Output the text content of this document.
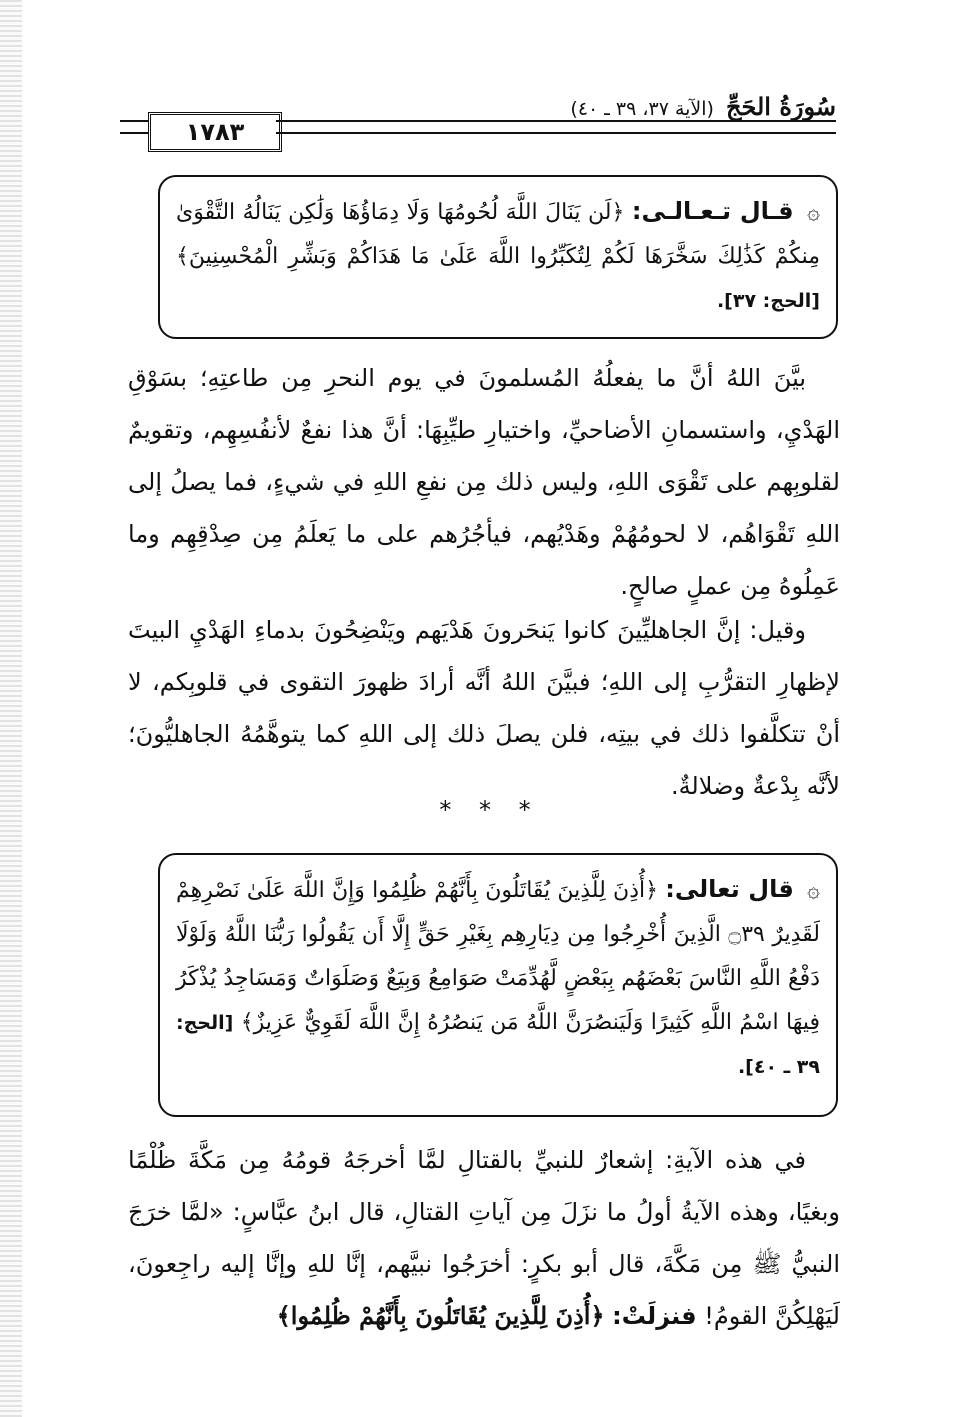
سُورَةُ الحَجِّ (الآية ٣٧، ٣٩ ـ ٤٠)
١٧٨٣
۞ قـال تـعـالـى: ﴿لَن يَنَالَ اللَّهَ لُحُومُهَا وَلَا دِمَاؤُهَا وَلَٰكِن يَنَالُهُ التَّقْوَىٰ مِنكُمْ كَذَٰلِكَ سَخَّرَهَا لَكُمْ لِتُكَبِّرُوا اللَّهَ عَلَىٰ مَا هَدَاكُمْ وَبَشِّرِ الْمُحْسِنِينَ﴾ [الحج: ٣٧].

بيَّنَ اللهُ أنَّ ما يفعلُهُ المُسلمونَ في يوم النحرِ مِن طاعتِهِ؛ بسَوْقِ الهَدْيِ، واستسمانِ الأضاحيِّ، واختيارِ طيِّبِهَا: أنَّ هذا نفعٌ لأنفُسِهِم، وتقويمٌ لقلوبِهم على تَقْوَى اللهِ، وليس ذلك مِن نفعِ اللهِ في شيءٍ، فما يصلُ إلى اللهِ تَقْوَاهُم، لا لحومُهُمْ وهَدْيُهم، فيأجُرُهم على ما يَعلَمُ مِن صِدْقِهِم وما عَمِلُوهُ مِن عملٍ صالحٍ.

وقيل: إنَّ الجاهليِّينَ كانوا يَنحَرونَ هَدْيَهم ويَنْضِحُونَ بدماءِ الهَدْيِ البيتَ لإظهارِ التقرُّبِ إلى اللهِ؛ فبيَّنَ اللهُ أنَّه أرادَ ظهورَ التقوى في قلوبِكم، لا أنْ تتكلَّفوا ذلك في بيتِه، فلن يصلَ ذلك إلى اللهِ كما يتوهَّمُهُ الجاهليُّونَ؛ لأنَّه بِدْعةٌ وضلالةٌ.

* * *
۞ قال تعالى: ﴿أُذِنَ لِلَّذِينَ يُقَاتَلُونَ بِأَنَّهُمْ ظُلِمُوا وَإِنَّ اللَّهَ عَلَىٰ نَصْرِهِمْ لَقَدِيرٌ ۝٣٩ الَّذِينَ أُخْرِجُوا مِن دِيَارِهِم بِغَيْرِ حَقٍّ إِلَّا أَن يَقُولُوا رَبُّنَا اللَّهُ وَلَوْلَا دَفْعُ اللَّهِ النَّاسَ بَعْضَهُم بِبَعْضٍ لَّهُدِّمَتْ صَوَامِعُ وَبِيَعٌ وَصَلَوَاتٌ وَمَسَاجِدُ يُذْكَرُ فِيهَا اسْمُ اللَّهِ كَثِيرًا وَلَيَنصُرَنَّ اللَّهُ مَن يَنصُرُهُ إِنَّ اللَّهَ لَقَوِيٌّ عَزِيزٌ﴾ [الحج: ٣٩ ـ ٤٠].

في هذه الآيةِ: إشعارٌ للنبيِّ بالقتالِ لمَّا أخرجَهُ قومُهُ مِن مَكَّةَ ظُلْمًا وبغيًا، وهذه الآيةُ أولُ ما نزَلَ مِن آياتِ القتالِ، قال ابنُ عبَّاسٍ: «لمَّا خرَجَ النبيُّ ﷺ مِن مَكَّةَ، قال أبو بكرٍ: أخرَجُوا نبيَّهم، إنَّا للهِ وإنَّا إليه راجِعونَ، لَيَهْلِكُنَّ القومُ! فنزلَتْ: ﴿أُذِنَ لِلَّذِينَ يُقَاتَلُونَ بِأَنَّهُمْ ظُلِمُوا﴾
